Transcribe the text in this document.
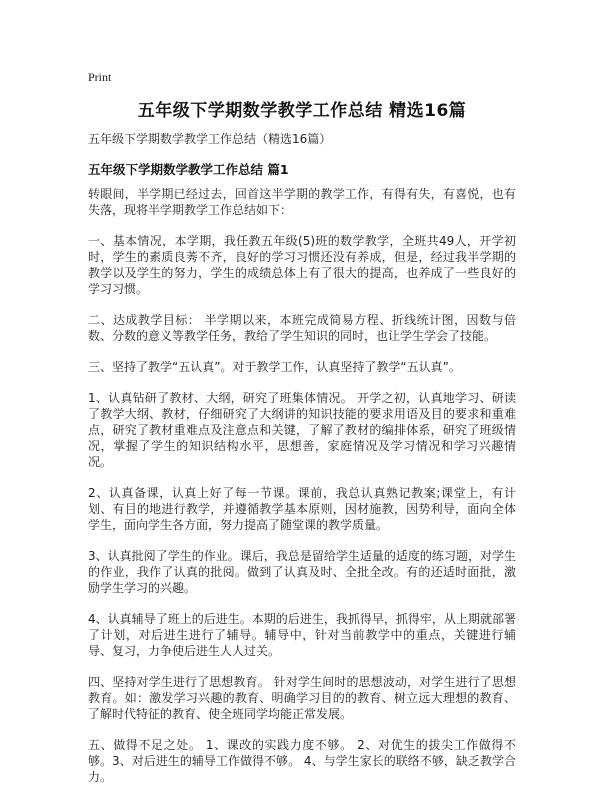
Print
五年级下学期数学教学工作总结 精选16篇

五年级下学期数学教学工作总结（精选16篇）

五年级下学期数学教学工作总结 篇1

转眼间，半学期已经过去，回首这半学期的教学工作，有得有失，有喜悦，也有失落，现将半学期教学工作总结如下：

一、基本情况，本学期，我任教五年级(5)班的数学教学，全班共49人，开学初时，学生的素质良莠不齐，良好的学习习惯还没有养成，但是，经过我半学期的教学以及学生的努力，学生的成绩总体上有了很大的提高，也养成了一些良好的学习习惯。

二、达成教学目标： 半学期以来，本班完成简易方程、折线统计图，因数与倍数、分数的意义等教学任务，教给了学生知识的同时，也让学生学会了技能。

三、坚持了教学“五认真”。对于教学工作，认真坚持了教学“五认真”。

1、认真钻研了教材、大纲，研究了班集体情况。 开学之初，认真地学习、研读了教学大纲、教材，仔细研究了大纲讲的知识技能的要求用语及目的要求和重难点，研究了教材重难点及注意点和关键，了解了教材的编排体系，研究了班级情况，掌握了学生的知识结构水平，思想善，家庭情况及学习情况和学习兴趣情况。

2、认真备课，认真上好了每一节课。课前，我总认真熟记教案;课堂上，有计划、有目的地进行教学，并遵循教学基本原则，因材施教，因势利导，面向全体学生，面向学生各方面，努力提高了随堂课的教学质量。

3、认真批阅了学生的作业。课后，我总是留给学生适量的适度的练习题，对学生的作业，我作了认真的批阅。做到了认真及时、全批全改。有的还适时面批，激励学生学习的兴趣。

4、认真辅导了班上的后进生。本期的后进生，我抓得早，抓得牢，从上期就部署了计划，对后进生进行了辅导。辅导中，针对当前教学中的重点，关键进行辅导、复习，力争使后进生人人过关。

四、坚持对学生进行了思想教育。 针对学生间时的思想波动，对学生进行了思想教育。如：激发学习兴趣的教育、明确学习目的的教育、树立远大理想的教育、了解时代特征的教育、使全班同学均能正常发展。

五、做得不足之处。 1、课改的实践力度不够。 2、对优生的拔尖工作做得不够。3、对后进生的辅导工作做得不够。 4、与学生家长的联络不够，缺乏教学合力。
